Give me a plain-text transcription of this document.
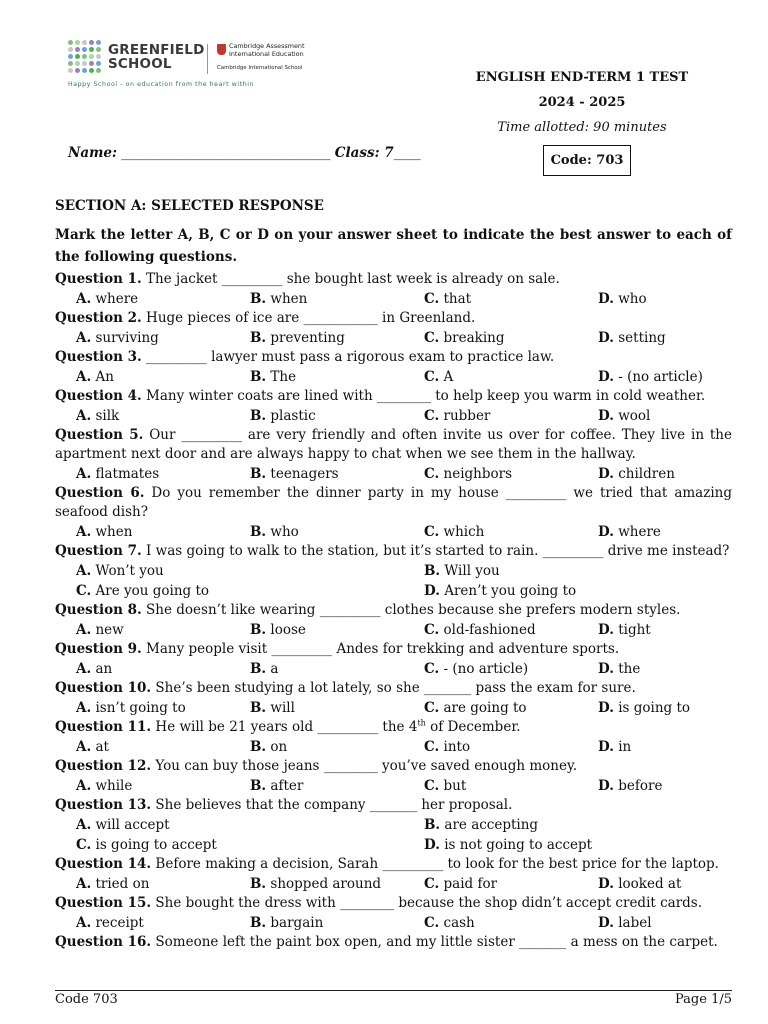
GREENFIELD
SCHOOL
Cambridge Assessment
International Education
Cambridge International School
Happy School - on education from the heart within	ENGLISH END-TERM 1 TEST
2024 - 2025
Time allotted: 90 minutes
Code: 703
Name: _______________________________ Class: 7____
SECTION A: SELECTED RESPONSE
Mark the letter A, B, C or D on your answer sheet to indicate the best answer to each of the following questions.
Question 1. The jacket _________ she bought last week is already on sale.
A. where	B. when	C. that	D. who
Question 2. Huge pieces of ice are ___________ in Greenland.
A. surviving	B. preventing	C. breaking	D. setting
Question 3. _________ lawyer must pass a rigorous exam to practice law.
A. An	B. The	C. A	D. - (no article)
Question 4. Many winter coats are lined with ________ to help keep you warm in cold weather.
A. silk	B. plastic	C. rubber	D. wool
Question 5. Our _________ are very friendly and often invite us over for coffee. They live in the apartment next door and are always happy to chat when we see them in the hallway.
A. flatmates	B. teenagers	C. neighbors	D. children
Question 6. Do you remember the dinner party in my house _________ we tried that amazing seafood dish?
A. when	B. who	C. which	D. where
Question 7. I was going to walk to the station, but it’s started to rain. _________ drive me instead?
A. Won’t you	B. Will you
C. Are you going to	D. Aren’t you going to
Question 8. She doesn’t like wearing _________ clothes because she prefers modern styles.
A. new	B. loose	C. old-fashioned	D. tight
Question 9. Many people visit _________ Andes for trekking and adventure sports.
A. an	B. a	C. - (no article)	D. the
Question 10. She’s been studying a lot lately, so she _______ pass the exam for sure.
A. isn’t going to	B. will	C. are going to	D. is going to
Question 11. He will be 21 years old _________ the 4th of December.
A. at	B. on	C. into	D. in
Question 12. You can buy those jeans ________ you’ve saved enough money.
A. while	B. after	C. but	D. before
Question 13. She believes that the company _______ her proposal.
A. will accept	B. are accepting
C. is going to accept	D. is not going to accept
Question 14. Before making a decision, Sarah _________ to look for the best price for the laptop.
A. tried on	B. shopped around	C. paid for	D. looked at
Question 15. She bought the dress with ________ because the shop didn’t accept credit cards.
A. receipt	B. bargain	C. cash	D. label
Question 16. Someone left the paint box open, and my little sister _______ a mess on the carpet.
Code 703	Page 1/5
